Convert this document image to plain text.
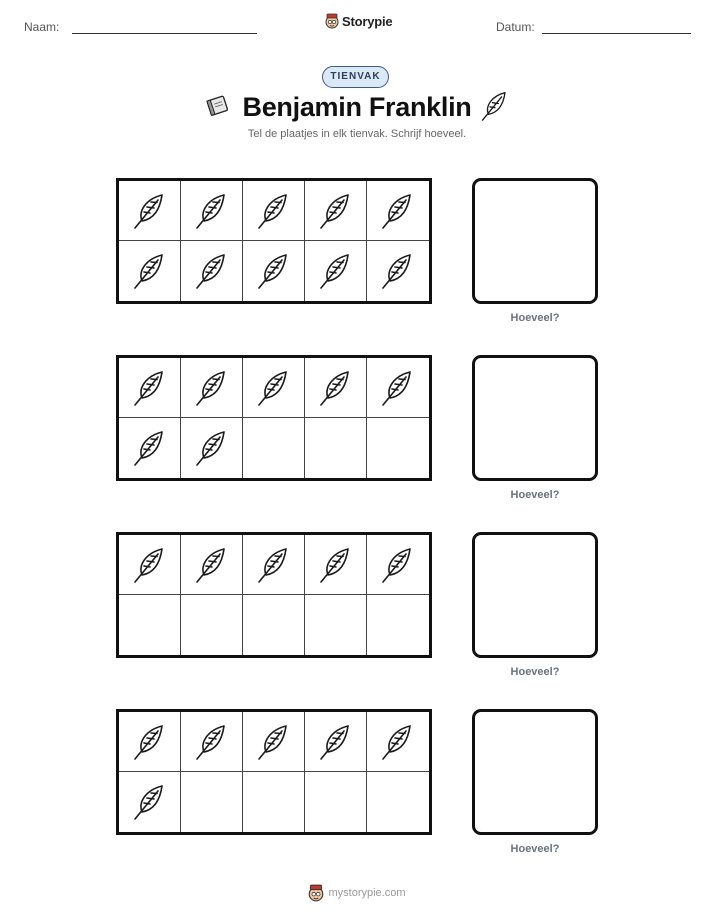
Naam:	Storypie	Datum:
TIENVAK
Benjamin Franklin
Tel de plaatjes in elk tienvak. Schrijf hoeveel.
Hoeveel?
Hoeveel?
Hoeveel?
Hoeveel?
mystorypie.com
